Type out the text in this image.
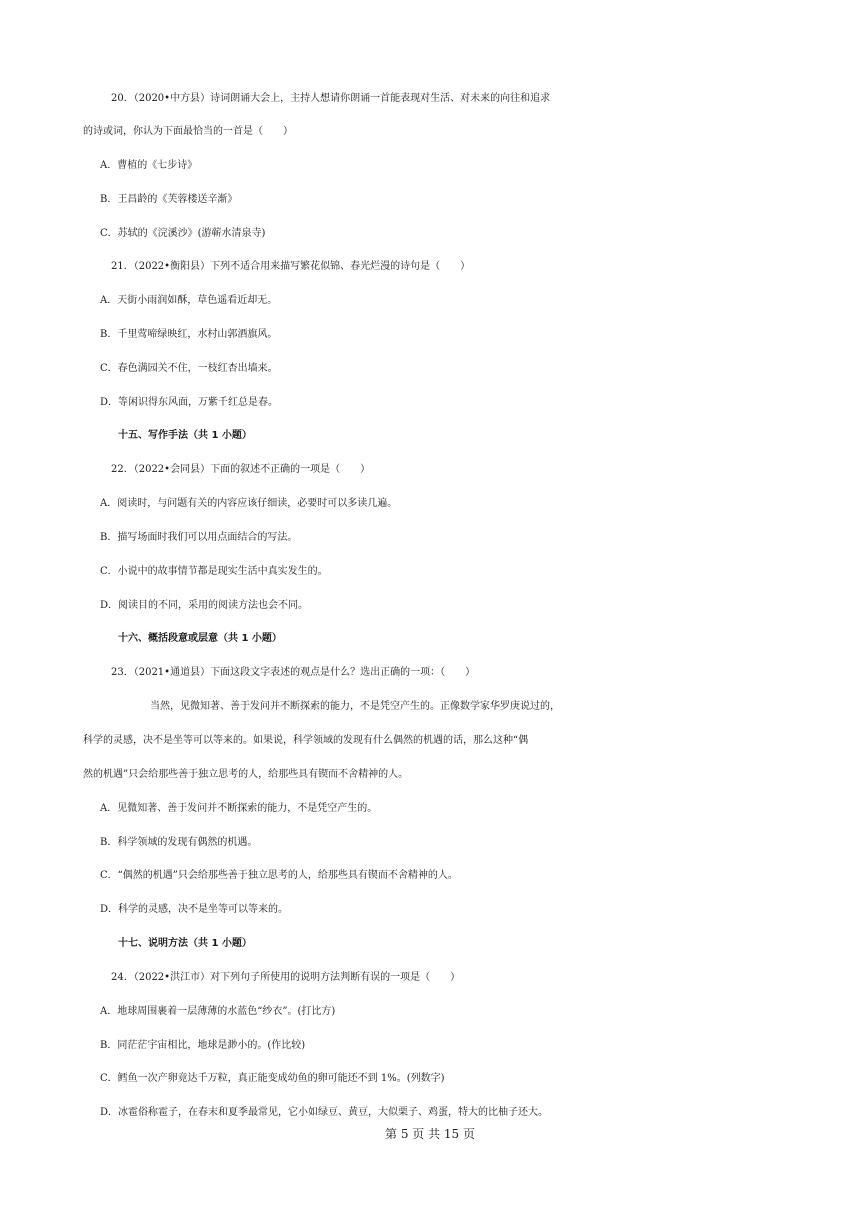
20．（2020•中方县）诗词朗诵大会上，主持人想请你朗诵一首能表现对生活、对未来的向往和追求
的诗或词，你认为下面最恰当的一首是（　　）
A．曹植的《七步诗》
B．王昌龄的《芙蓉楼送辛渐》
C．苏轼的《浣溪沙》(游蕲水清泉寺)
21．（2022•衡阳县）下列不适合用来描写繁花似锦、春光烂漫的诗句是（　　）
A．天街小雨润如酥，草色遥看近却无。
B．千里莺啼绿映红，水村山郭酒旗风。
C．春色满园关不住，一枝红杏出墙来。
D．等闲识得东风面，万紫千红总是春。
十五、写作手法（共 1 小题）
22．（2022•会同县）下面的叙述不正确的一项是（　　）
A．阅读时，与问题有关的内容应该仔细读，必要时可以多读几遍。
B．描写场面时我们可以用点面结合的写法。
C．小说中的故事情节都是现实生活中真实发生的。
D．阅读目的不同，采用的阅读方法也会不同。
十六、概括段意或层意（共 1 小题）
23．（2021•通道县）下面这段文字表述的观点是什么？选出正确的一项：（　　）
当然，见微知著、善于发问并不断探索的能力，不是凭空产生的。正像数学家华罗庚说过的，
科学的灵感，决不是坐等可以等来的。如果说，科学领域的发现有什么偶然的机遇的话，那么这种“偶
然的机遇”只会给那些善于独立思考的人，给那些具有锲而不舍精神的人。
A．见微知著、善于发问并不断探索的能力，不是凭空产生的。
B．科学领域的发现有偶然的机遇。
C．“偶然的机遇”只会给那些善于独立思考的人，给那些具有锲而不舍精神的人。
D．科学的灵感，决不是坐等可以等来的。
十七、说明方法（共 1 小题）
24．（2022•洪江市）对下列句子所使用的说明方法判断有误的一项是（　　）
A．地球周围裹着一层薄薄的水蓝色“纱衣”。(打比方)
B．同茫茫宇宙相比，地球是渺小的。(作比较)
C．鳕鱼一次产卵竟达千万粒，真正能变成幼鱼的卵可能还不到 1%。(列数字)
D．冰雹俗称雹子，在春末和夏季最常见，它小如绿豆、黄豆，大似栗子、鸡蛋，特大的比柚子还大。
第 5 页 共 15 页
